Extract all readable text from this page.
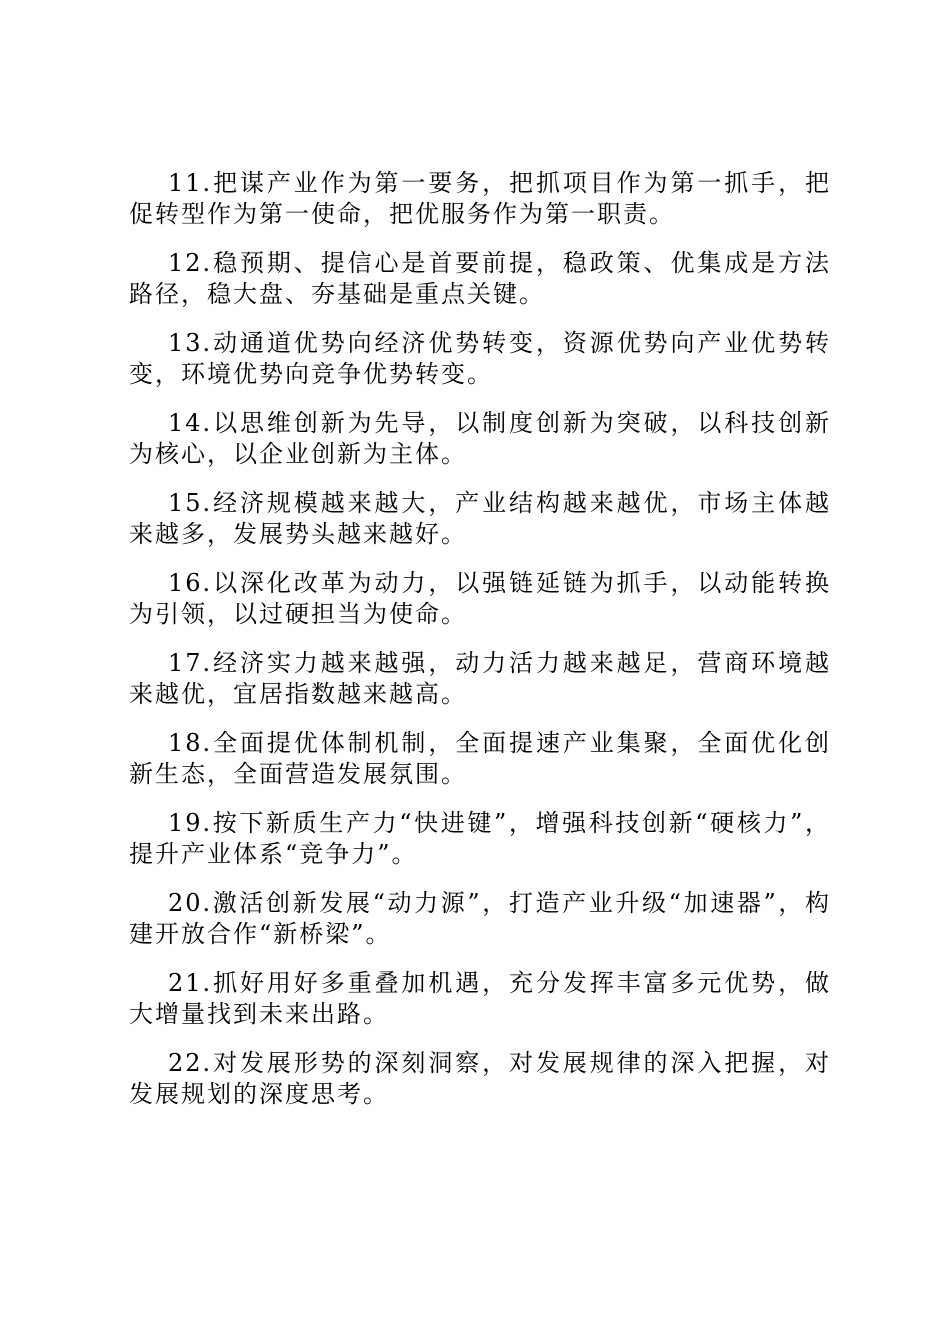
11.把谋产业作为第一要务，把抓项目作为第一抓手，把促转型作为第一使命，把优服务作为第一职责。

12.稳预期、提信心是首要前提，稳政策、优集成是方法路径，稳大盘、夯基础是重点关键。

13.动通道优势向经济优势转变，资源优势向产业优势转变，环境优势向竞争优势转变。

14.以思维创新为先导，以制度创新为突破，以科技创新为核心，以企业创新为主体。

15.经济规模越来越大，产业结构越来越优，市场主体越来越多，发展势头越来越好。

16.以深化改革为动力，以强链延链为抓手，以动能转换为引领，以过硬担当为使命。

17.经济实力越来越强，动力活力越来越足，营商环境越来越优，宜居指数越来越高。

18.全面提优体制机制，全面提速产业集聚，全面优化创新生态，全面营造发展氛围。

19.按下新质生产力“快进键”，增强科技创新“硬核力”，提升产业体系“竞争力”。

20.激活创新发展“动力源”，打造产业升级“加速器”，构建开放合作“新桥梁”。

21.抓好用好多重叠加机遇，充分发挥丰富多元优势，做大增量找到未来出路。

22.对发展形势的深刻洞察，对发展规律的深入把握，对发展规划的深度思考。
